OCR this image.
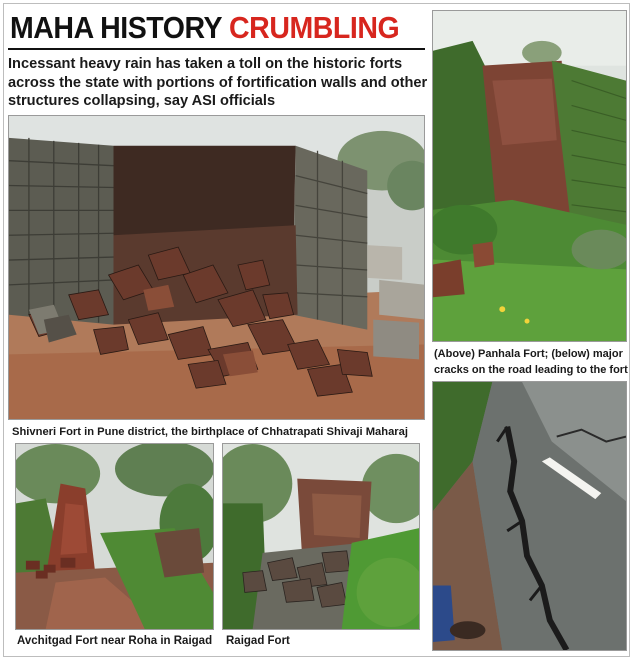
MAHA HISTORY CRUMBLING
Incessant heavy rain has taken a toll on the historic forts across the state with portions of fortification walls and other structures collapsing, say ASI officials
(Above) Panhala Fort; (below) major cracks on the road leading to the fort
Shivneri Fort in Pune district, the birthplace of Chhatrapati Shivaji Maharaj
Avchitgad Fort near Roha in Raigad Raigad Fort
